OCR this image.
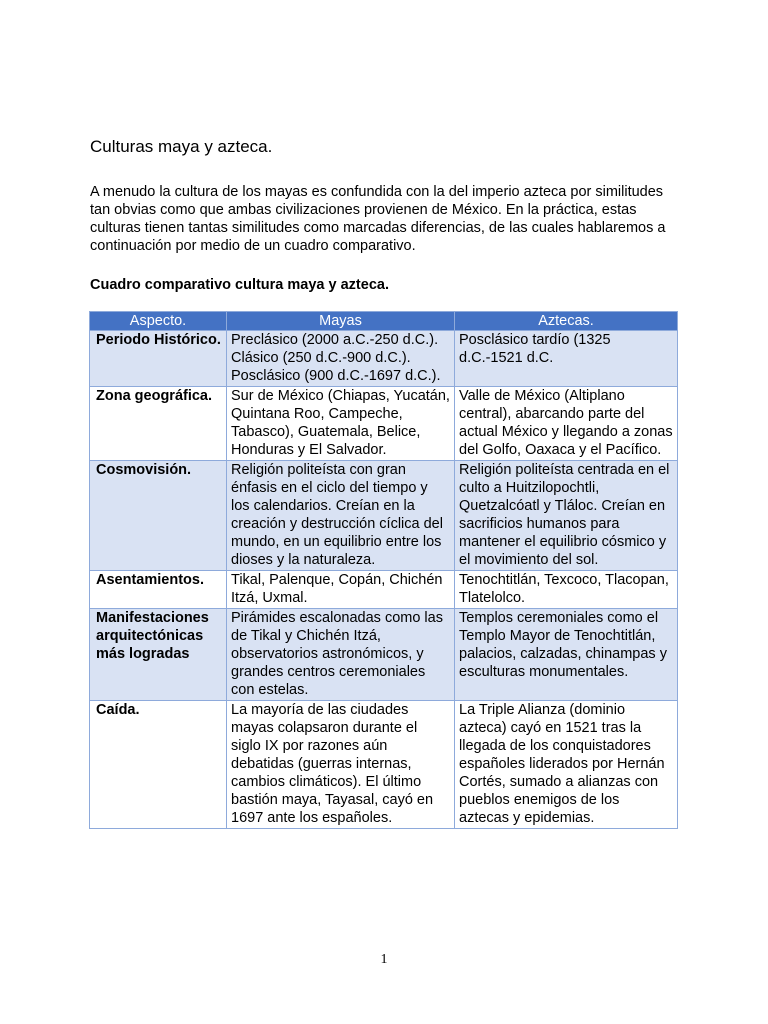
Culturas maya y azteca.

A menudo la cultura de los mayas es confundida con la del imperio azteca por similitudes tan obvias como que ambas civilizaciones provienen de México. En la práctica, estas culturas tienen tantas similitudes como marcadas diferencias, de las cuales hablaremos a continuación por medio de un cuadro comparativo.

Cuadro comparativo cultura maya y azteca.
Aspecto.	Mayas	Aztecas.
Periodo Histórico.	Preclásico (2000 a.C.-250 d.C.). Clásico (250 d.C.-900 d.C.). Posclásico (900 d.C.-1697 d.C.).	Posclásico tardío (1325 d.C.-1521 d.C.
Zona geográfica.	Sur de México (Chiapas, Yucatán, Quintana Roo, Campeche, Tabasco), Guatemala, Belice, Honduras y El Salvador.	Valle de México (Altiplano central), abarcando parte del actual México y llegando a zonas del Golfo, Oaxaca y el Pacífico.
Cosmovisión.	Religión politeísta con gran énfasis en el ciclo del tiempo y los calendarios. Creían en la creación y destrucción cíclica del mundo, en un equilibrio entre los dioses y la naturaleza.	Religión politeísta centrada en el culto a Huitzilopochtli, Quetzalcóatl y Tláloc. Creían en sacrificios humanos para mantener el equilibrio cósmico y el movimiento del sol.
Asentamientos.	Tikal, Palenque, Copán, Chichén Itzá, Uxmal.	Tenochtitlán, Texcoco, Tlacopan, Tlatelolco.
Manifestaciones arquitectónicas más logradas	Pirámides escalonadas como las de Tikal y Chichén Itzá, observatorios astronómicos, y grandes centros ceremoniales con estelas.	Templos ceremoniales como el Templo Mayor de Tenochtitlán, palacios, calzadas, chinampas y esculturas monumentales.
Caída.	La mayoría de las ciudades mayas colapsaron durante el siglo IX por razones aún debatidas (guerras internas, cambios climáticos). El último bastión maya, Tayasal, cayó en 1697 ante los españoles.	La Triple Alianza (dominio azteca) cayó en 1521 tras la llegada de los conquistadores españoles liderados por Hernán Cortés, sumado a alianzas con pueblos enemigos de los aztecas y epidemias.
1
